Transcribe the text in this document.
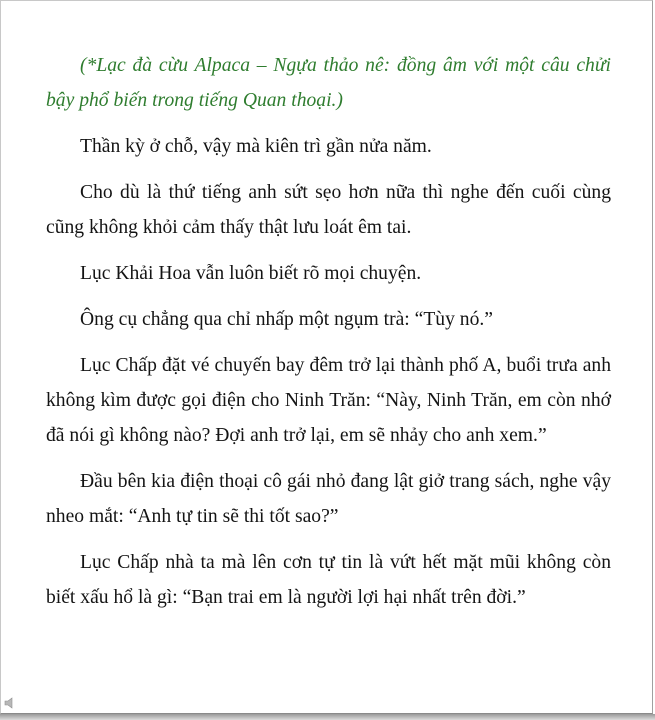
(*Lạc đà cừu Alpaca – Ngựa thảo nê: đồng âm với một câu chửi bậy phổ biến trong tiếng Quan thoại.)

Thần kỳ ở chỗ, vậy mà kiên trì gần nửa năm.

Cho dù là thứ tiếng anh sứt sẹo hơn nữa thì nghe đến cuối cùng cũng không khỏi cảm thấy thật lưu loát êm tai.

Lục Khải Hoa vẫn luôn biết rõ mọi chuyện.

Ông cụ chẳng qua chỉ nhấp một ngụm trà: “Tùy nó.”

Lục Chấp đặt vé chuyến bay đêm trở lại thành phố A, buổi trưa anh không kìm được gọi điện cho Ninh Trăn: “Này, Ninh Trăn, em còn nhớ đã nói gì không nào? Đợi anh trở lại, em sẽ nhảy cho anh xem.”

Đầu bên kia điện thoại cô gái nhỏ đang lật giở trang sách, nghe vậy nheo mắt: “Anh tự tin sẽ thi tốt sao?”

Lục Chấp nhà ta mà lên cơn tự tin là vứt hết mặt mũi không còn biết xấu hổ là gì: “Bạn trai em là người lợi hại nhất trên đời.”
